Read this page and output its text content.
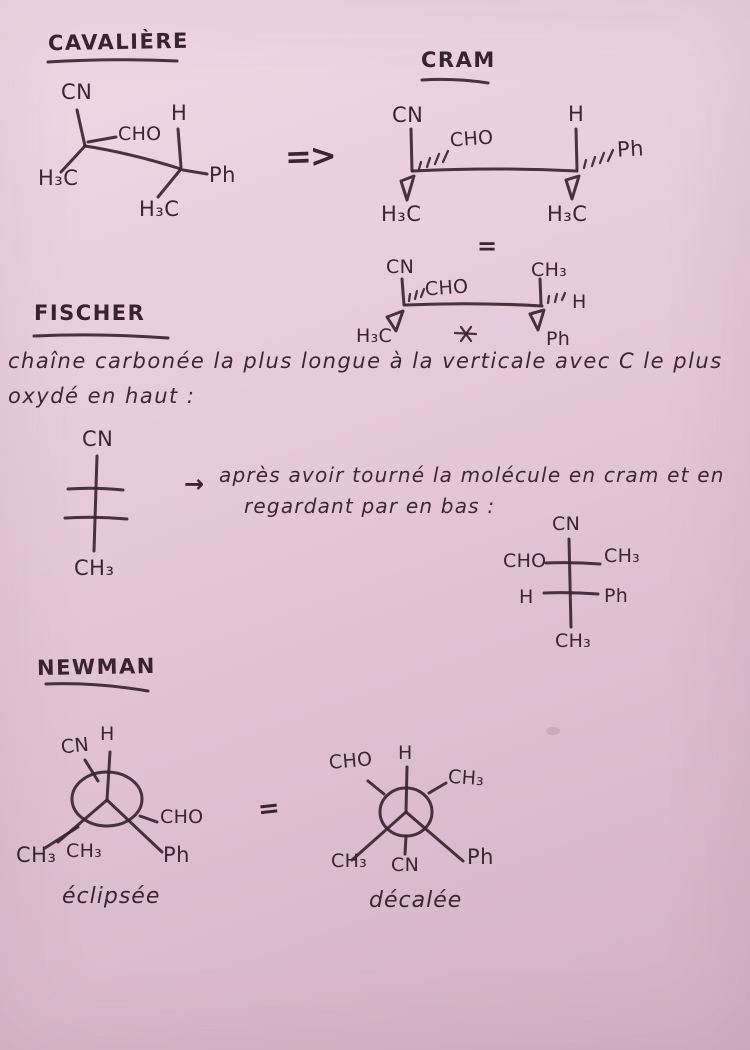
CAVALIÈRE
CN
CHO
H
H₃C	Ph
H₃C
=>
CRAM
CN
CHO
H₃C
H
Ph
H₃C
=
CN
CHO
H₃C
CH₃
H
Ph
FISCHER
chaîne carbonée la plus longue à la verticale avec C le plus
oxydé en haut :
CN
CH₃
→ après avoir tourné la molécule en cram et en
regardant par en bas :
CN
CHO	CH₃
H	Ph
CH₃
NEWMAN
CN H
CH₃ CH₃
CHO
Ph
éclipsée
=
CHO H
CH₃
CH₃ CN Ph
décalée
